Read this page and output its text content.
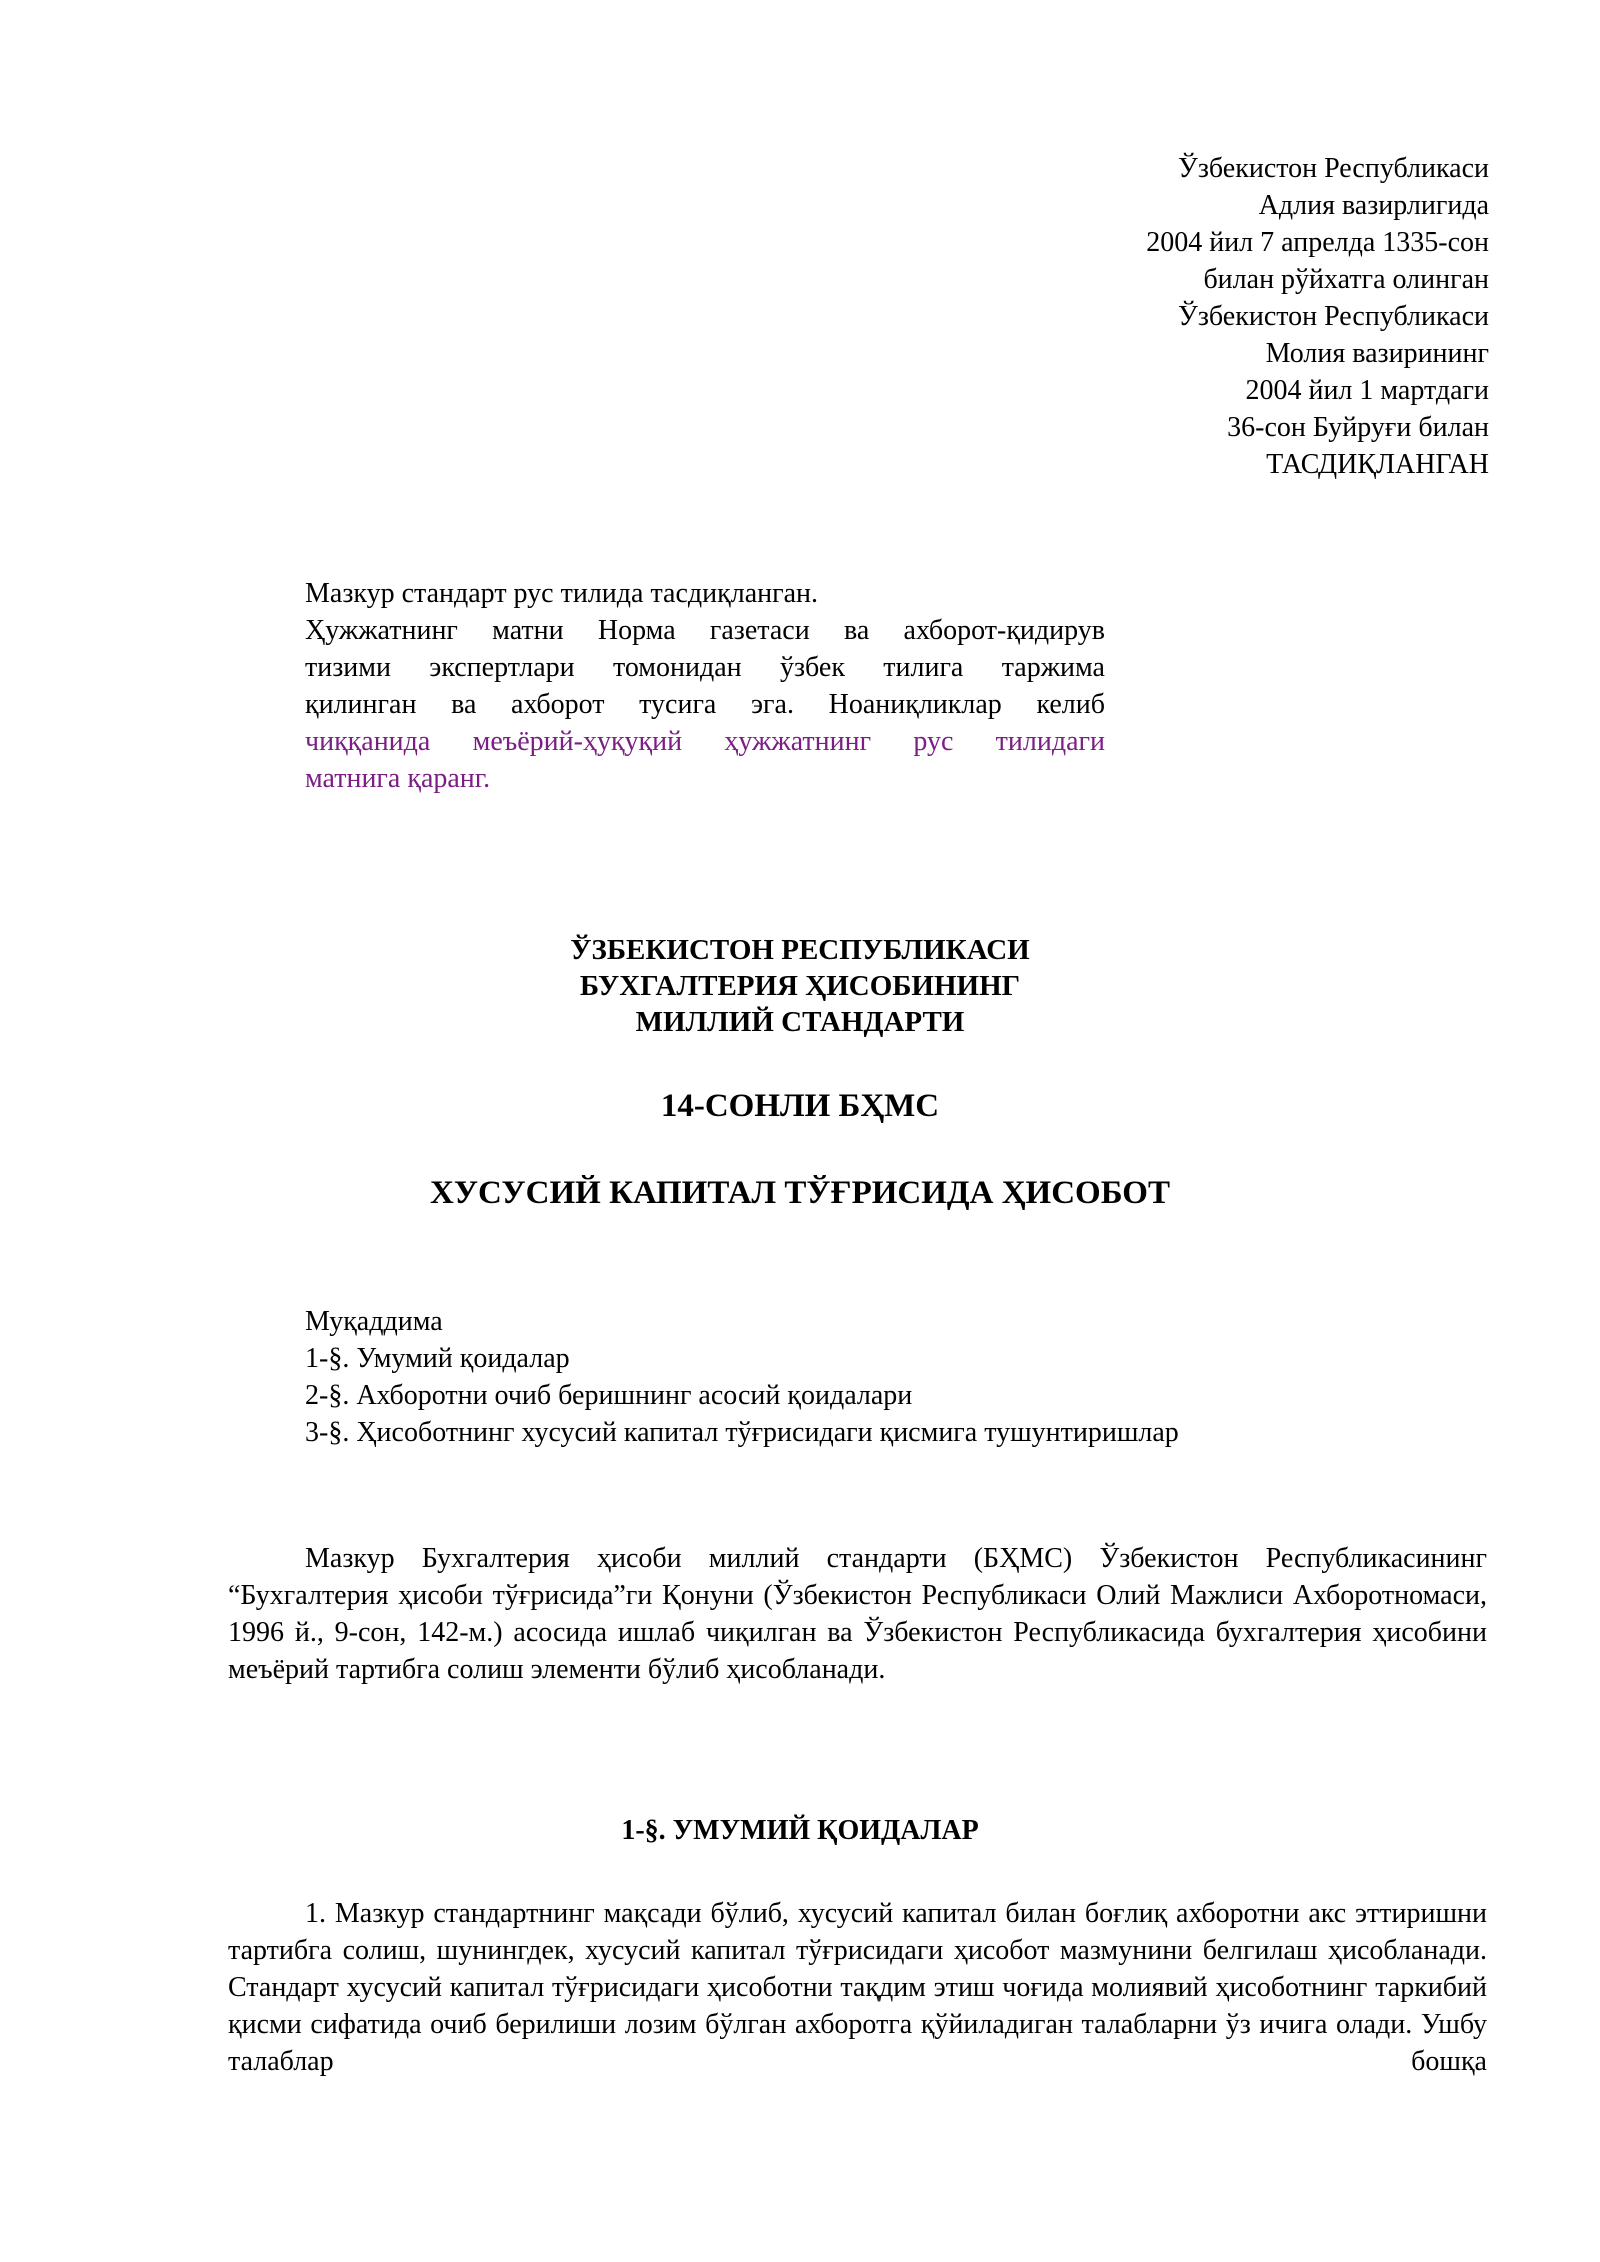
Ўзбекистон Республикаси
Адлия вазирлигида
2004 йил 7 апрелда 1335-сон
билан рўйхатга олинган
Ўзбекистон Республикаси
Молия вазирининг
2004 йил 1 мартдаги
36-сон Буйруғи билан
ТАСДИҚЛАНГАН
Мазкур стандарт рус тилида тасдиқланган.
Ҳужжатнинг матни Норма газетаси ва ахборот-қидирув
тизими экспертлари томонидан ўзбек тилига таржима
қилинган ва ахборот тусига эга. Ноаниқликлар келиб
чиққанида меъёрий-ҳуқуқий ҳужжатнинг рус тилидаги
матнига қаранг.
ЎЗБЕКИСТОН РЕСПУБЛИКАСИ
БУХГАЛТЕРИЯ ҲИСОБИНИНГ
МИЛЛИЙ СТАНДАРТИ
14-СОНЛИ БҲМС
ХУСУСИЙ КАПИТАЛ ТЎҒРИСИДА ҲИСОБОТ
Муқаддима
1-§. Умумий қоидалар
2-§. Ахборотни очиб беришнинг асосий қоидалари
3-§. Ҳисоботнинг хусусий капитал тўғрисидаги қисмига тушунтиришлар
Мазкур Бухгалтерия ҳисоби миллий стандарти (БҲМС) Ўзбекистон Республикасининг “Бухгалтерия ҳисоби тўғрисида”ги Қонуни (Ўзбекистон Республикаси Олий Мажлиси Ахборотномаси, 1996 й., 9-сон, 142-м.) асосида ишлаб чиқилган ва Ўзбекистон Республикасида бухгалтерия ҳисобини меъёрий тартибга солиш элементи бўлиб ҳисобланади.
1-§. УМУМИЙ ҚОИДАЛАР
1. Мазкур стандартнинг мақсади бўлиб, хусусий капитал билан боғлиқ ахборотни акс эттиришни тартибга солиш, шунингдек, хусусий капитал тўғрисидаги ҳисобот мазмунини белгилаш ҳисобланади. Стандарт хусусий капитал тўғрисидаги ҳисоботни тақдим этиш чоғида молиявий ҳисоботнинг таркибий қисми сифатида очиб берилиши лозим бўлган ахборотга қўйиладиган талабларни ўз ичига олади. Ушбу талаблар бошқа
